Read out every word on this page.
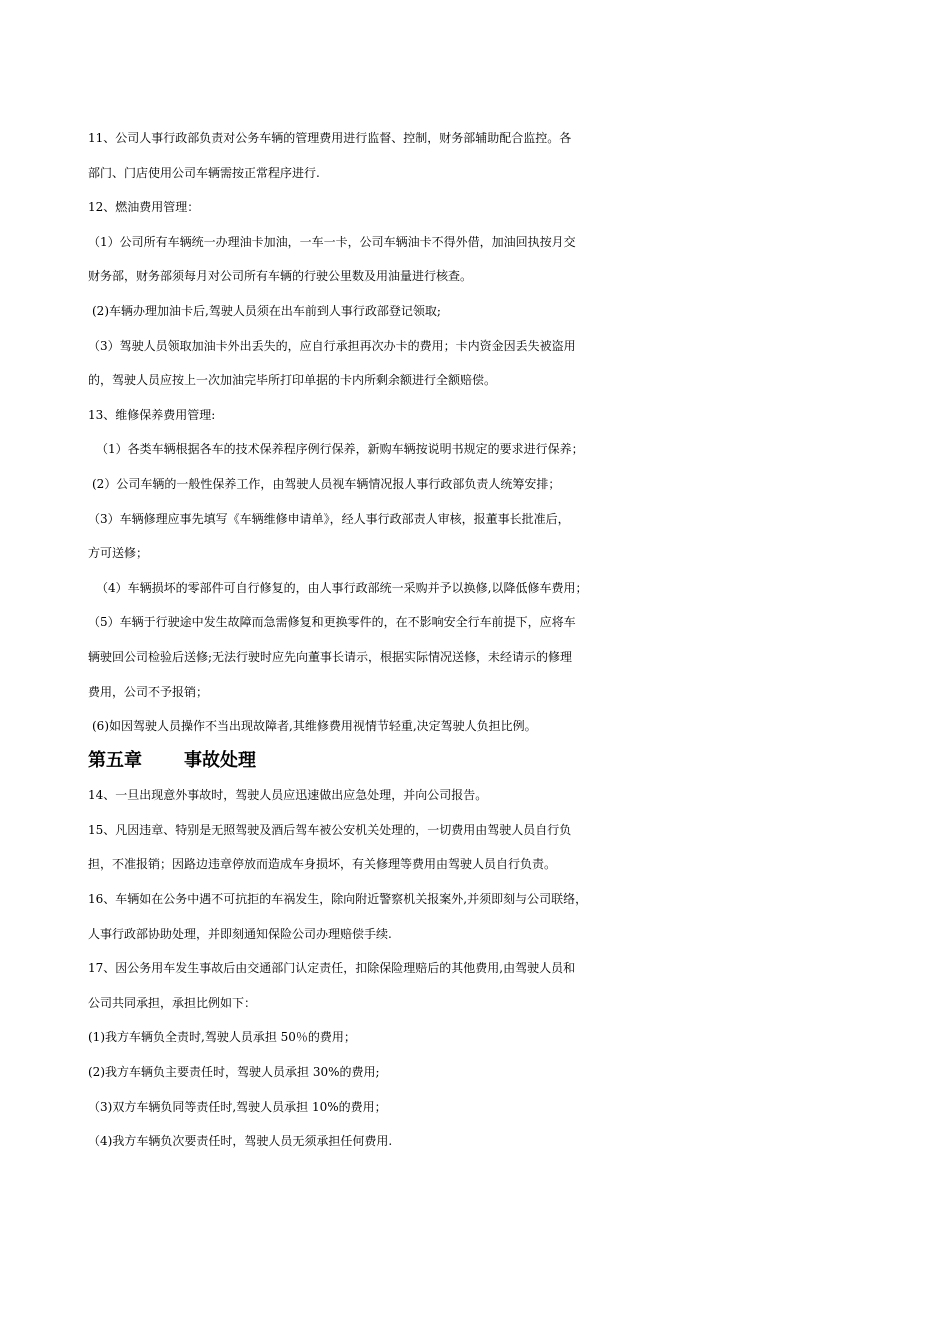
11、公司人事行政部负责对公务车辆的管理费用进行监督、控制，财务部辅助配合监控。各
部门、门店使用公司车辆需按正常程序进行.
12、燃油费用管理：
（1）公司所有车辆统一办理油卡加油，一车一卡，公司车辆油卡不得外借，加油回执按月交
财务部，财务部须每月对公司所有车辆的行驶公里数及用油量进行核查。
(2)车辆办理加油卡后,驾驶人员须在出车前到人事行政部登记领取;
（3）驾驶人员领取加油卡外出丢失的，应自行承担再次办卡的费用；卡内资金因丢失被盗用
的，驾驶人员应按上一次加油完毕所打印单据的卡内所剩余额进行全额赔偿。
13、维修保养费用管理:
（1）各类车辆根据各车的技术保养程序例行保养，新购车辆按说明书规定的要求进行保养；
(2）公司车辆的一般性保养工作，由驾驶人员视车辆情况报人事行政部负责人统筹安排；
（3）车辆修理应事先填写《车辆维修申请单》，经人事行政部责人审核，报董事长批准后，
方可送修；
（4）车辆损坏的零部件可自行修复的，由人事行政部统一采购并予以换修,以降低修车费用；
（5）车辆于行驶途中发生故障而急需修复和更换零件的，在不影响安全行车前提下，应将车
辆驶回公司检验后送修;无法行驶时应先向董事长请示，根据实际情况送修，未经请示的修理
费用，公司不予报销；
(6)如因驾驶人员操作不当出现故障者,其维修费用视情节轻重,决定驾驶人负担比例。
第五章 事故处理
14、一旦出现意外事故时，驾驶人员应迅速做出应急处理，并向公司报告。
15、凡因违章、特别是无照驾驶及酒后驾车被公安机关处理的，一切费用由驾驶人员自行负
担，不准报销；因路边违章停放而造成车身损坏，有关修理等费用由驾驶人员自行负责。
16、车辆如在公务中遇不可抗拒的车祸发生，除向附近警察机关报案外,并须即刻与公司联络，
人事行政部协助处理，并即刻通知保险公司办理赔偿手续.
17、因公务用车发生事故后由交通部门认定责任，扣除保险理赔后的其他费用,由驾驶人员和
公司共同承担，承担比例如下：
(1)我方车辆负全责时,驾驶人员承担 50％的费用；
(2)我方车辆负主要责任时，驾驶人员承担 30%的费用;
（3)双方车辆负同等责任时,驾驶人员承担 10%的费用；
（4)我方车辆负次要责任时，驾驶人员无须承担任何费用.
